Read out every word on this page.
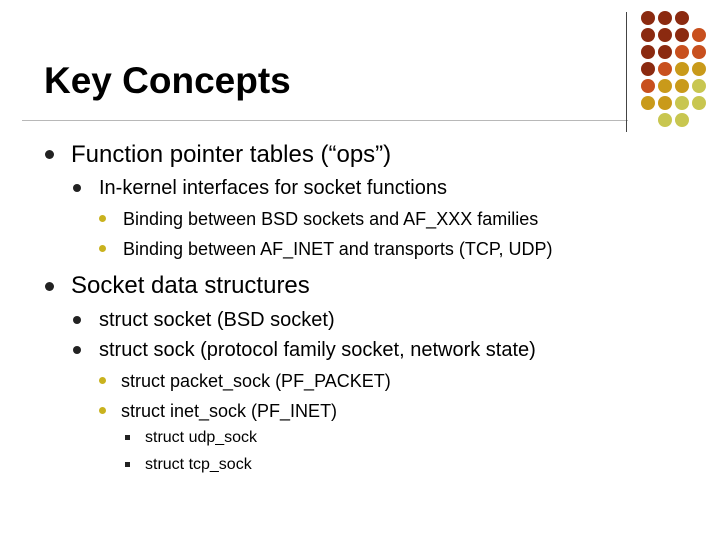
Key Concepts
Function pointer tables (“ops”)
In-kernel interfaces for socket functions
Binding between BSD sockets and AF_XXX families
Binding between AF_INET and transports (TCP, UDP)
Socket data structures
struct socket (BSD socket)
struct sock (protocol family socket, network state)
struct packet_sock (PF_PACKET)
struct inet_sock (PF_INET)
struct udp_sock
struct tcp_sock
